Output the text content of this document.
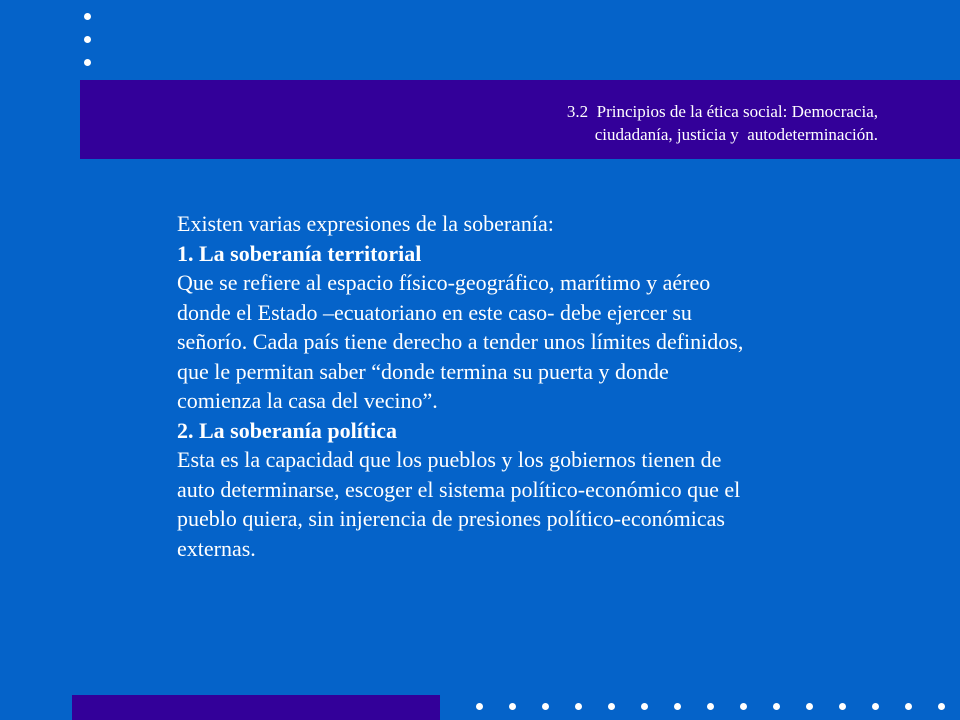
3.2  Principios de la ética social: Democracia,
ciudadanía, justicia y  autodeterminación.
Existen varias expresiones de la soberanía:
1. La soberanía territorial
Que se refiere al espacio físico-geográfico, marítimo y aéreo
donde el Estado –ecuatoriano en este caso- debe ejercer su
señorío. Cada país tiene derecho a tender unos límites definidos,
que le permitan saber “donde termina su puerta y donde
comienza la casa del vecino”.
2. La soberanía política
Esta es la capacidad que los pueblos y los gobiernos tienen de
auto determinarse, escoger el sistema político-económico que el
pueblo quiera, sin injerencia de presiones político-económicas
externas.
